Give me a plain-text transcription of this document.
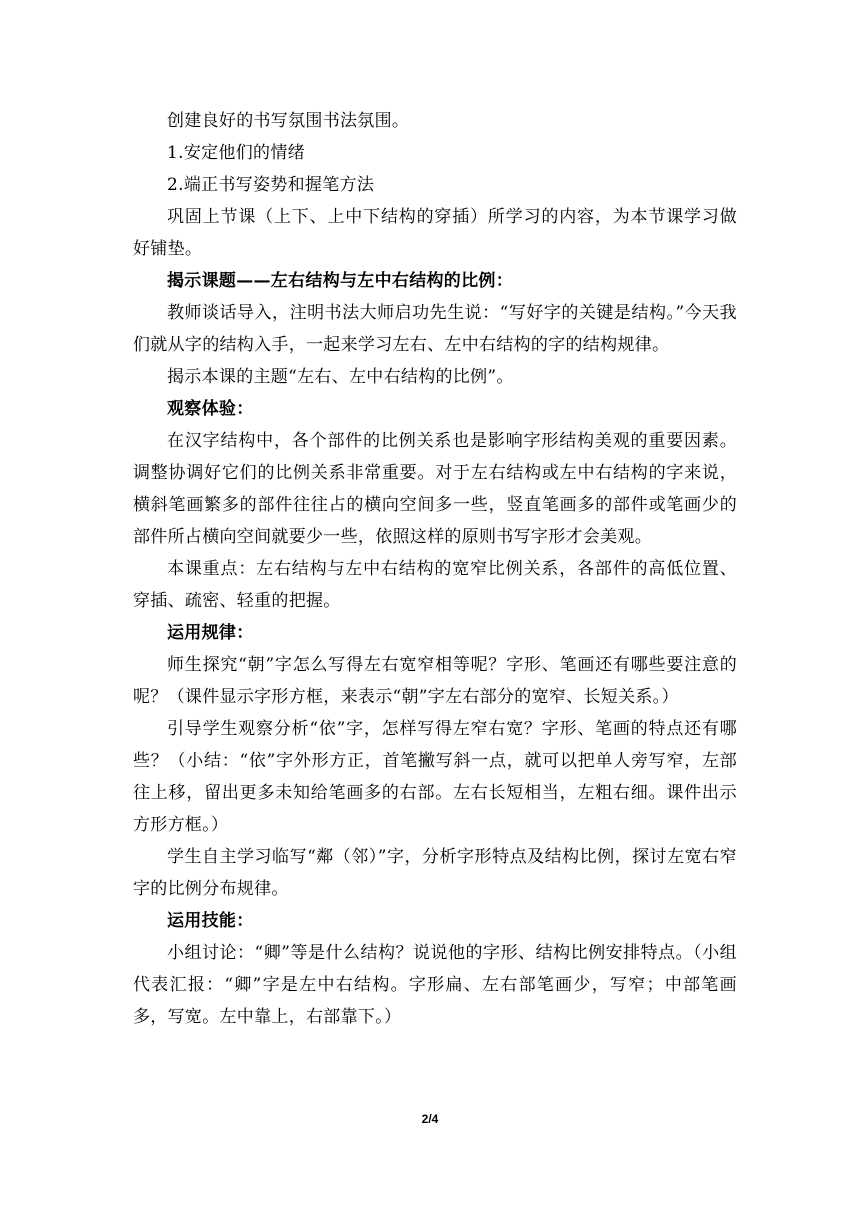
创建良好的书写氛围书法氛围。

1.安定他们的情绪

2.端正书写姿势和握笔方法

巩固上节课（上下、上中下结构的穿插）所学习的内容，为本节课学习做好铺垫。

揭示课题——左右结构与左中右结构的比例：

教师谈话导入，注明书法大师启功先生说：“写好字的关键是结构。”今天我们就从字的结构入手，一起来学习左右、左中右结构的字的结构规律。

揭示本课的主题“左右、左中右结构的比例”。

观察体验：

在汉字结构中，各个部件的比例关系也是影响字形结构美观的重要因素。调整协调好它们的比例关系非常重要。对于左右结构或左中右结构的字来说，横斜笔画繁多的部件往往占的横向空间多一些，竖直笔画多的部件或笔画少的部件所占横向空间就要少一些，依照这样的原则书写字形才会美观。

本课重点：左右结构与左中右结构的宽窄比例关系，各部件的高低位置、穿插、疏密、轻重的把握。

运用规律：

师生探究“朝”字怎么写得左右宽窄相等呢？字形、笔画还有哪些要注意的呢？（课件显示字形方框，来表示“朝”字左右部分的宽窄、长短关系。）

引导学生观察分析“依”字，怎样写得左窄右宽？字形、笔画的特点还有哪些？（小结：“依”字外形方正，首笔撇写斜一点，就可以把单人旁写窄，左部往上移，留出更多未知给笔画多的右部。左右长短相当，左粗右细。课件出示方形方框。）

学生自主学习临写“鄰（邻）”字，分析字形特点及结构比例，探讨左宽右窄字的比例分布规律。

运用技能：

小组讨论：“卿”等是什么结构？说说他的字形、结构比例安排特点。（小组代表汇报：“卿”字是左中右结构。字形扁、左右部笔画少，写窄；中部笔画多，写宽。左中靠上，右部靠下。）

2/4
